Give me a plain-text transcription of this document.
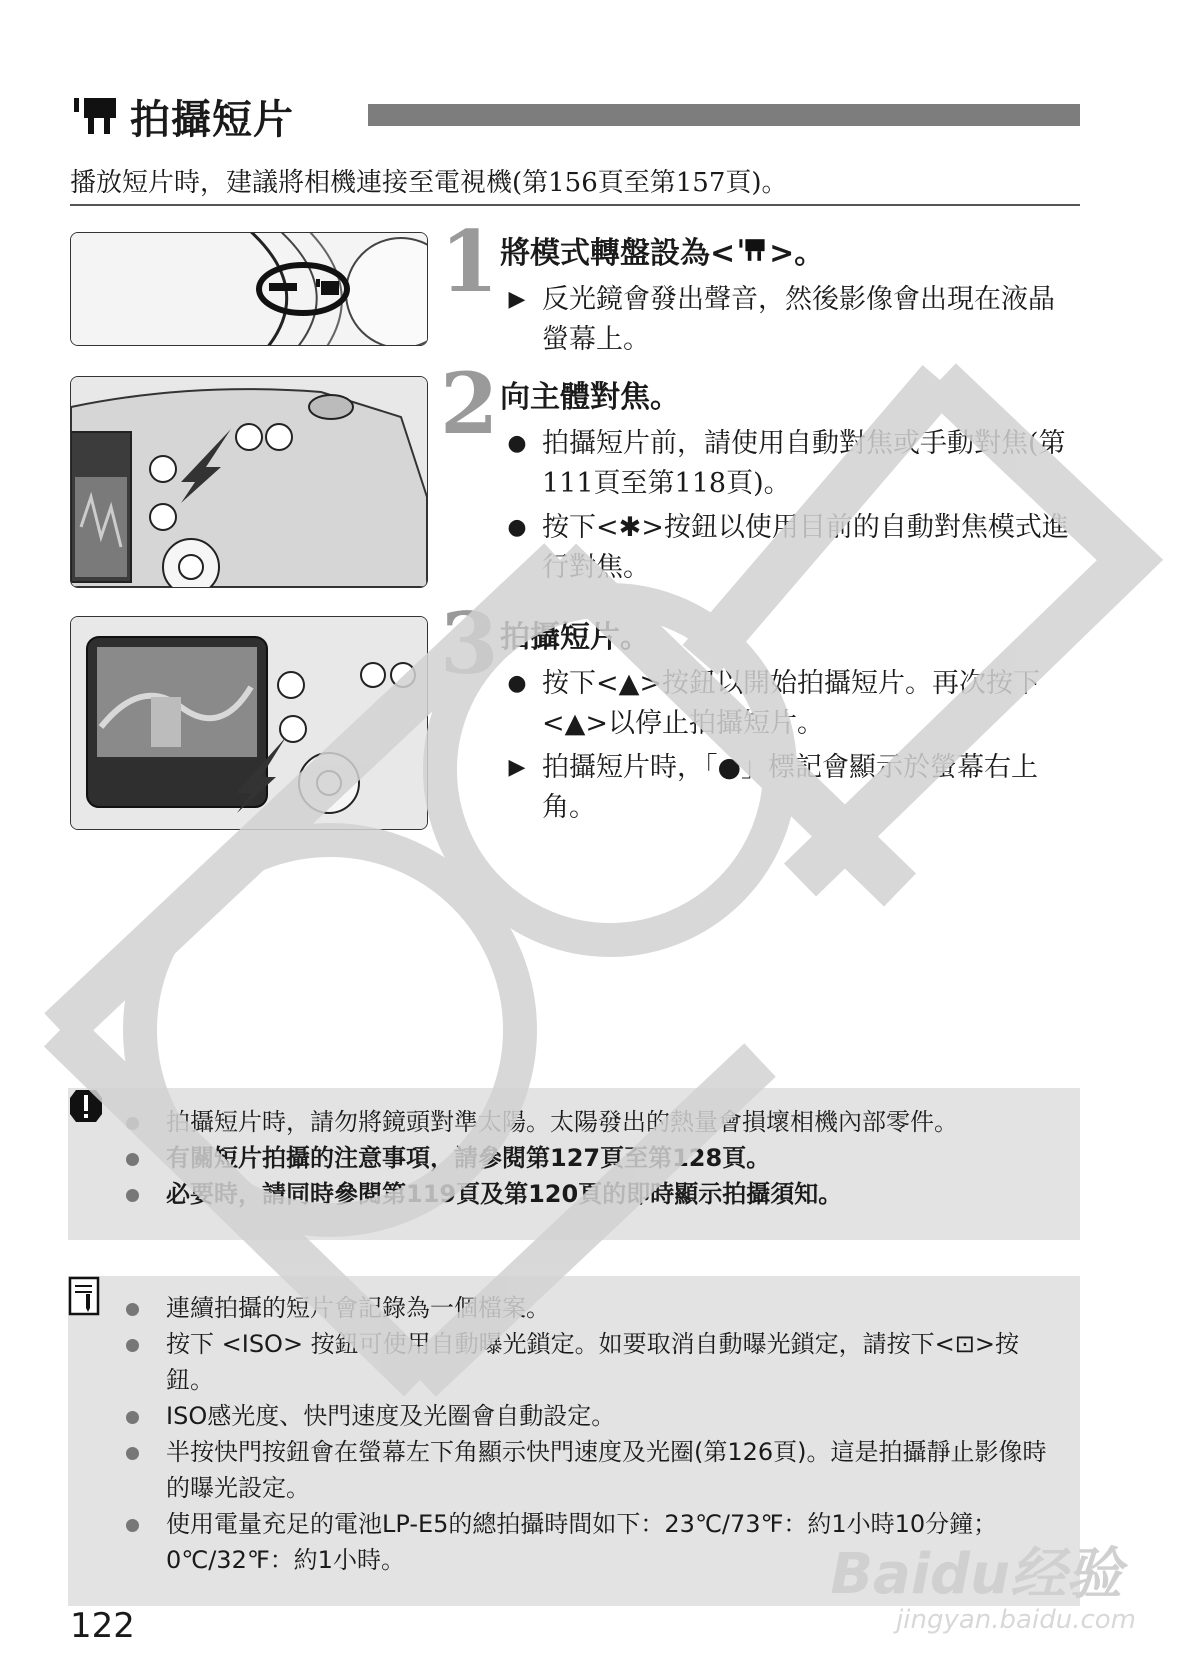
拍攝短片
播放短片時，建議將相機連接至電視機(第156頁至第157頁)。
1
2
3
將模式轉盤設為< >。
▶ 反光鏡會發出聲音，然後影像會出現在液晶螢幕上。
向主體對焦。
● 拍攝短片前，請使用自動對焦或手動對焦(第111頁至第118頁)。
● 按下<✱>按鈕以使用目前的自動對焦模式進行對焦。
拍攝短片。
● 按下<▲>按鈕以開始拍攝短片。再次按下<▲>以停止拍攝短片。
▶ 拍攝短片時，「●」標記會顯示於螢幕右上角。
拍攝短片時，請勿將鏡頭對準太陽。太陽發出的熱量會損壞相機內部零件。
有關短片拍攝的注意事項，請參閱第127頁至第128頁。
必要時，請同時參閱第119頁及第120頁的即時顯示拍攝須知。
連續拍攝的短片會記錄為一個檔案。
按下 <ISO> 按鈕可使用自動曝光鎖定。如要取消自動曝光鎖定，請按下<⊡>按鈕。
ISO感光度、快門速度及光圈會自動設定。
半按快門按鈕會在螢幕左下角顯示快門速度及光圈(第126頁)。這是拍攝靜止影像時的曝光設定。
使用電量充足的電池LP-E5的總拍攝時間如下：23℃/73℉：約1小時10分鐘；0℃/32℉：約1小時。	Baidu经验
jingyan.baidu.com
122
